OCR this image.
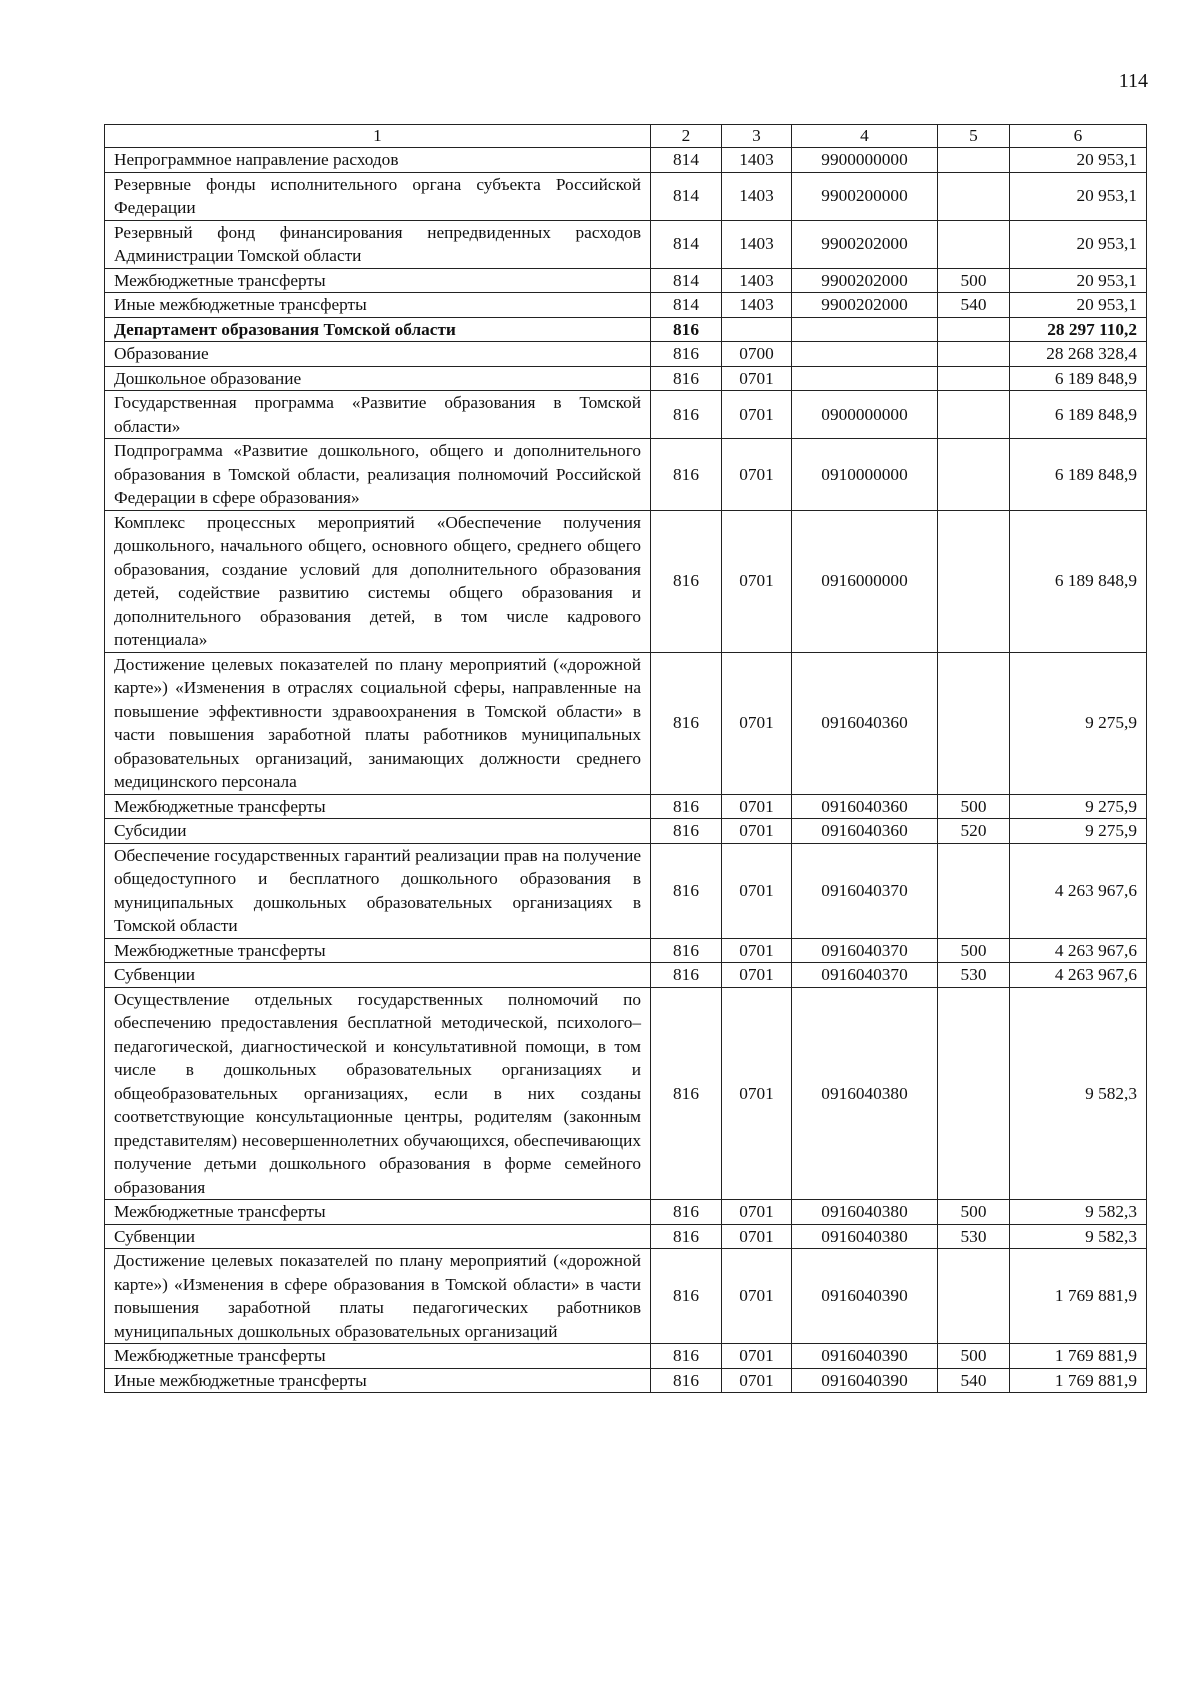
114
1	2	3	4	5	6
Непрограммное направление расходов	814	1403	9900000000		20 953,1
Резервные фонды исполнительного органа субъекта Российской Федерации	814	1403	9900200000		20 953,1
Резервный фонд финансирования непредвиденных расходов Администрации Томской области	814	1403	9900202000		20 953,1
Межбюджетные трансферты	814	1403	9900202000	500	20 953,1
Иные межбюджетные трансферты	814	1403	9900202000	540	20 953,1
Департамент образования Томской области	816				28 297 110,2
Образование	816	0700			28 268 328,4
Дошкольное образование	816	0701			6 189 848,9
Государственная программа «Развитие образования в Томской области»	816	0701	0900000000		6 189 848,9
Подпрограмма «Развитие дошкольного, общего и дополнительного образования в Томской области, реализация полномочий Российской Федерации в сфере образования»	816	0701	0910000000		6 189 848,9
Комплекс процессных мероприятий «Обеспечение получения дошкольного, начального общего, основного общего, среднего общего образования, создание условий для дополнительного образования детей, содействие развитию системы общего образования и дополнительного образования детей, в том числе кадрового потенциала»	816	0701	0916000000		6 189 848,9
Достижение целевых показателей по плану мероприятий («дорожной карте») «Изменения в отраслях социальной сферы, направленные на повышение эффективности здравоохранения в Томской области» в части повышения заработной платы работников муниципальных образовательных организаций, занимающих должности среднего медицинского персонала	816	0701	0916040360		9 275,9
Межбюджетные трансферты	816	0701	0916040360	500	9 275,9
Субсидии	816	0701	0916040360	520	9 275,9
Обеспечение государственных гарантий реализации прав на получение общедоступного и бесплатного дошкольного образования в муниципальных дошкольных образовательных организациях в Томской области	816	0701	0916040370		4 263 967,6
Межбюджетные трансферты	816	0701	0916040370	500	4 263 967,6
Субвенции	816	0701	0916040370	530	4 263 967,6
Осуществление отдельных государственных полномочий по обеспечению предоставления бесплатной методической, психолого–педагогической, диагностической и консультативной помощи, в том числе в дошкольных образовательных организациях и общеобразовательных организациях, если в них созданы соответствующие консультационные центры, родителям (законным представителям) несовершеннолетних обучающихся, обеспечивающих получение детьми дошкольного образования в форме семейного образования	816	0701	0916040380		9 582,3
Межбюджетные трансферты	816	0701	0916040380	500	9 582,3
Субвенции	816	0701	0916040380	530	9 582,3
Достижение целевых показателей по плану мероприятий («дорожной карте») «Изменения в сфере образования в Томской области» в части повышения заработной платы педагогических работников муниципальных дошкольных образовательных организаций	816	0701	0916040390		1 769 881,9
Межбюджетные трансферты	816	0701	0916040390	500	1 769 881,9
Иные межбюджетные трансферты	816	0701	0916040390	540	1 769 881,9
